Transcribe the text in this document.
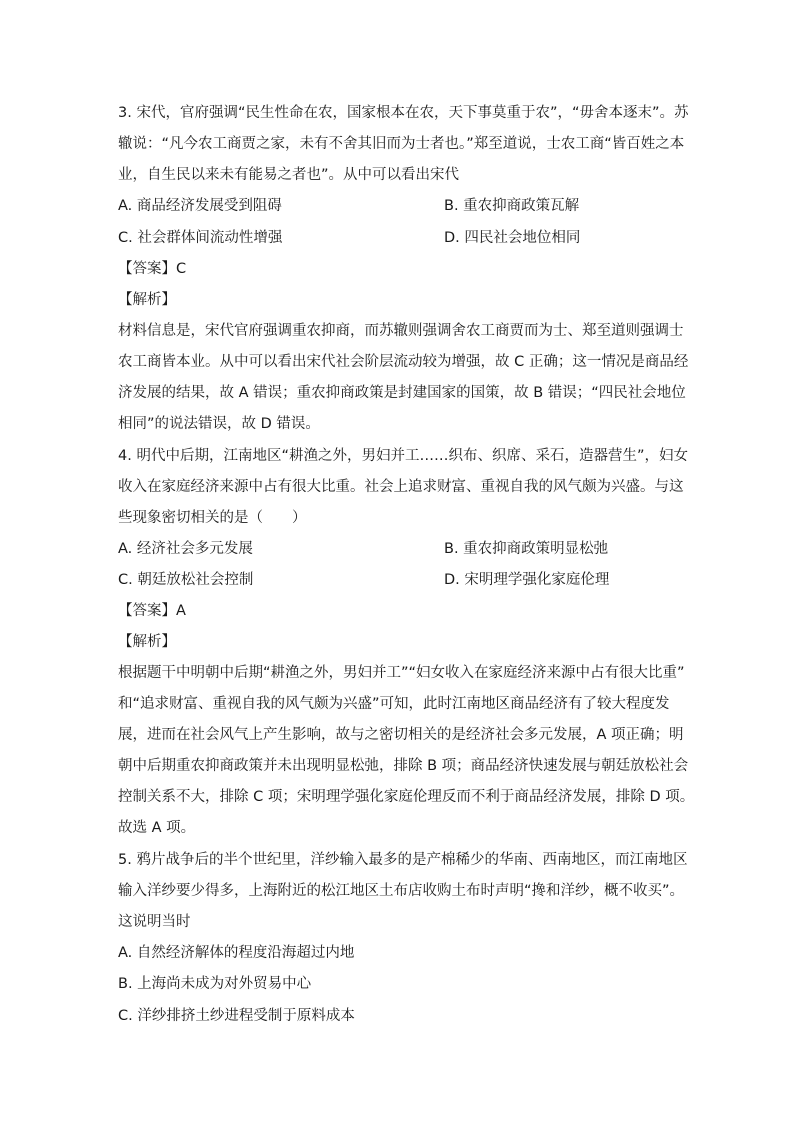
3. 宋代，官府强调“民生性命在农，国家根本在农，天下事莫重于农”，“毋舍本逐末”。苏
辙说：“凡今农工商贾之家，未有不舍其旧而为士者也。”郑至道说，士农工商“皆百姓之本
业，自生民以来未有能易之者也”。从中可以看出宋代
A. 商品经济发展受到阻碍	B. 重农抑商政策瓦解
C. 社会群体间流动性增强	D. 四民社会地位相同
【答案】C
【解析】
材料信息是，宋代官府强调重农抑商，而苏辙则强调舍农工商贾而为士、郑至道则强调士
农工商皆本业。从中可以看出宋代社会阶层流动较为增强，故 C 正确；这一情况是商品经
济发展的结果，故 A 错误；重农抑商政策是封建国家的国策，故 B 错误；“四民社会地位
相同”的说法错误，故 D 错误。
4. 明代中后期，江南地区“耕渔之外，男妇并工……织布、织席、采石，造器营生”，妇女
收入在家庭经济来源中占有很大比重。社会上追求财富、重视自我的风气颇为兴盛。与这
些现象密切相关的是（　　）
A. 经济社会多元发展	B. 重农抑商政策明显松弛
C. 朝廷放松社会控制	D. 宋明理学强化家庭伦理
【答案】A
【解析】
根据题干中明朝中后期“耕渔之外，男妇并工”“妇女收入在家庭经济来源中占有很大比重”
和“追求财富、重视自我的风气颇为兴盛”可知，此时江南地区商品经济有了较大程度发
展，进而在社会风气上产生影响，故与之密切相关的是经济社会多元发展，A 项正确；明
朝中后期重农抑商政策并未出现明显松弛，排除 B 项；商品经济快速发展与朝廷放松社会
控制关系不大，排除 C 项；宋明理学强化家庭伦理反而不利于商品经济发展，排除 D 项。
故选 A 项。
5. 鸦片战争后的半个世纪里，洋纱输入最多的是产棉稀少的华南、西南地区，而江南地区
输入洋纱要少得多，上海附近的松江地区土布店收购土布时声明“搀和洋纱，概不收买”。
这说明当时
A. 自然经济解体的程度沿海超过内地
B. 上海尚未成为对外贸易中心
C. 洋纱排挤土纱进程受制于原料成本
